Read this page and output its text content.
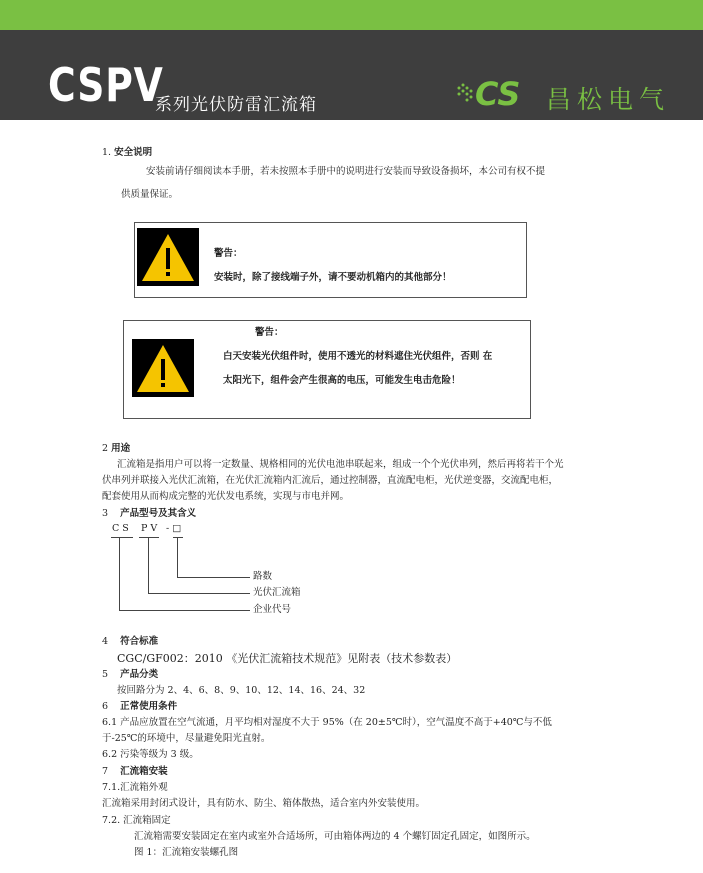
CSPV
系列光伏防雷汇流箱	CS 昌松电气
1. 安全说明
安装前请仔细阅读本手册，若未按照本手册中的说明进行安装而导致设备损坏，本公司有权不提
供质量保证。
警告：
安装时，除了接线端子外，请不要动机箱内的其他部分！
警告：
白天安装光伏组件时，使用不透光的材料遮住光伏组件，否则 在
太阳光下，组件会产生很高的电压，可能发生电击危险！
2 用途
汇流箱是指用户可以将一定数量、规格相同的光伏电池串联起来，组成一个个光伏串列，然后再将若干个光
伏串列并联接入光伏汇流箱，在光伏汇流箱内汇流后，通过控制器，直流配电柜，光伏逆变器，交流配电柜，
配套使用从而构成完整的光伏发电系统，实现与市电并网。
3 产品型号及其含义
C S P V - □
路数
光伏汇流箱
企业代号
4 符合标准
CGC/GF002：2010 《光伏汇流箱技术规范》见附表（技术参数表）
5 产品分类
按回路分为 2、4、6、8、9、10、12、14、16、24、32
6 正常使用条件
6.1 产品应放置在空气流通，月平均相对湿度不大于 95%（在 20±5℃时），空气温度不高于+40℃与不低
于-25℃的环境中，尽量避免阳光直射。
6.2 污染等级为 3 级。
7 汇流箱安装
7.1.汇流箱外观
汇流箱采用封闭式设计，具有防水、防尘、箱体散热，适合室内外安装使用。
7.2. 汇流箱固定
汇流箱需要安装固定在室内或室外合适场所，可由箱体两边的 4 个螺钉固定孔固定，如图所示。
图 1：汇流箱安装螺孔图
